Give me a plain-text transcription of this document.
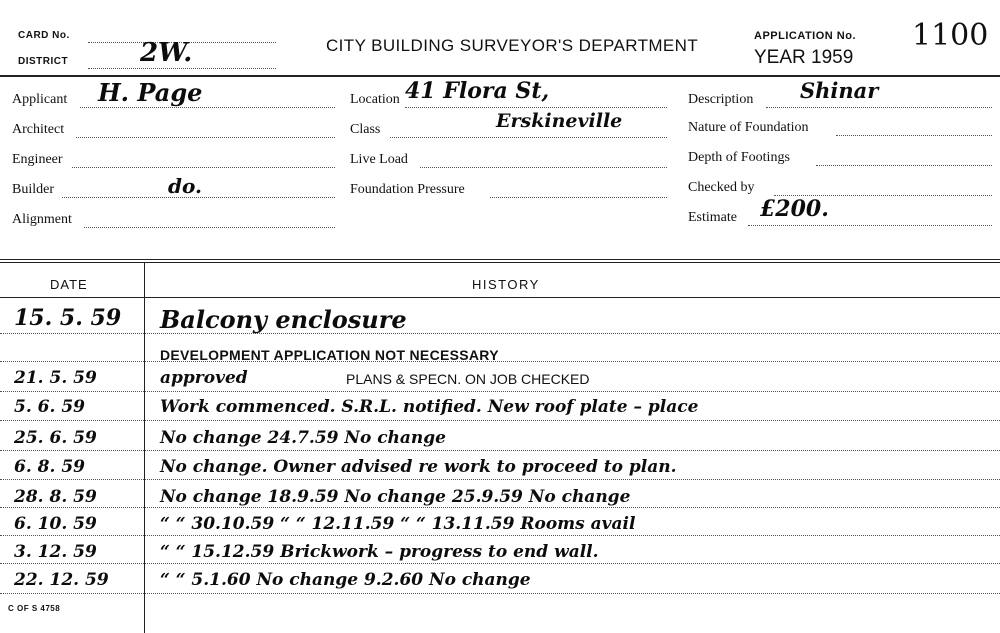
CARD No.
DISTRICT	2W.	CITY BUILDING SURVEYOR'S DEPARTMENT	APPLICATION No.
YEAR 1959
1100
Applicant H. Page
Architect
Engineer
Builder	do.
Alignment
Location 41 Flora St,
Class	Erskineville
Live Load
Foundation Pressure
Description Shinar
Nature of Foundation
Depth of Footings
Checked by
Estimate £200.
DATE	HISTORY
15. 5. 59 Balcony enclosure
DEVELOPMENT APPLICATION NOT NECESSARY
21. 5. 59	approved	PLANS & SPECN. ON JOB CHECKED
5. 6. 59	Work commenced. S.R.L. notified. New roof plate – place
25. 6. 59	No change 24.7.59 No change
6. 8. 59	No change. Owner advised re work to proceed to plan.
28. 8. 59	No change 18.9.59 No change 25.9.59 No change
6. 10. 59	“ “ 30.10.59 “ “ 12.11.59 “ “ 13.11.59 Rooms avail
3. 12. 59	“ “ 15.12.59 Brickwork – progress to end wall.
22. 12. 59	“ “ 5.1.60 No change 9.2.60 No change
C OF S 4758
